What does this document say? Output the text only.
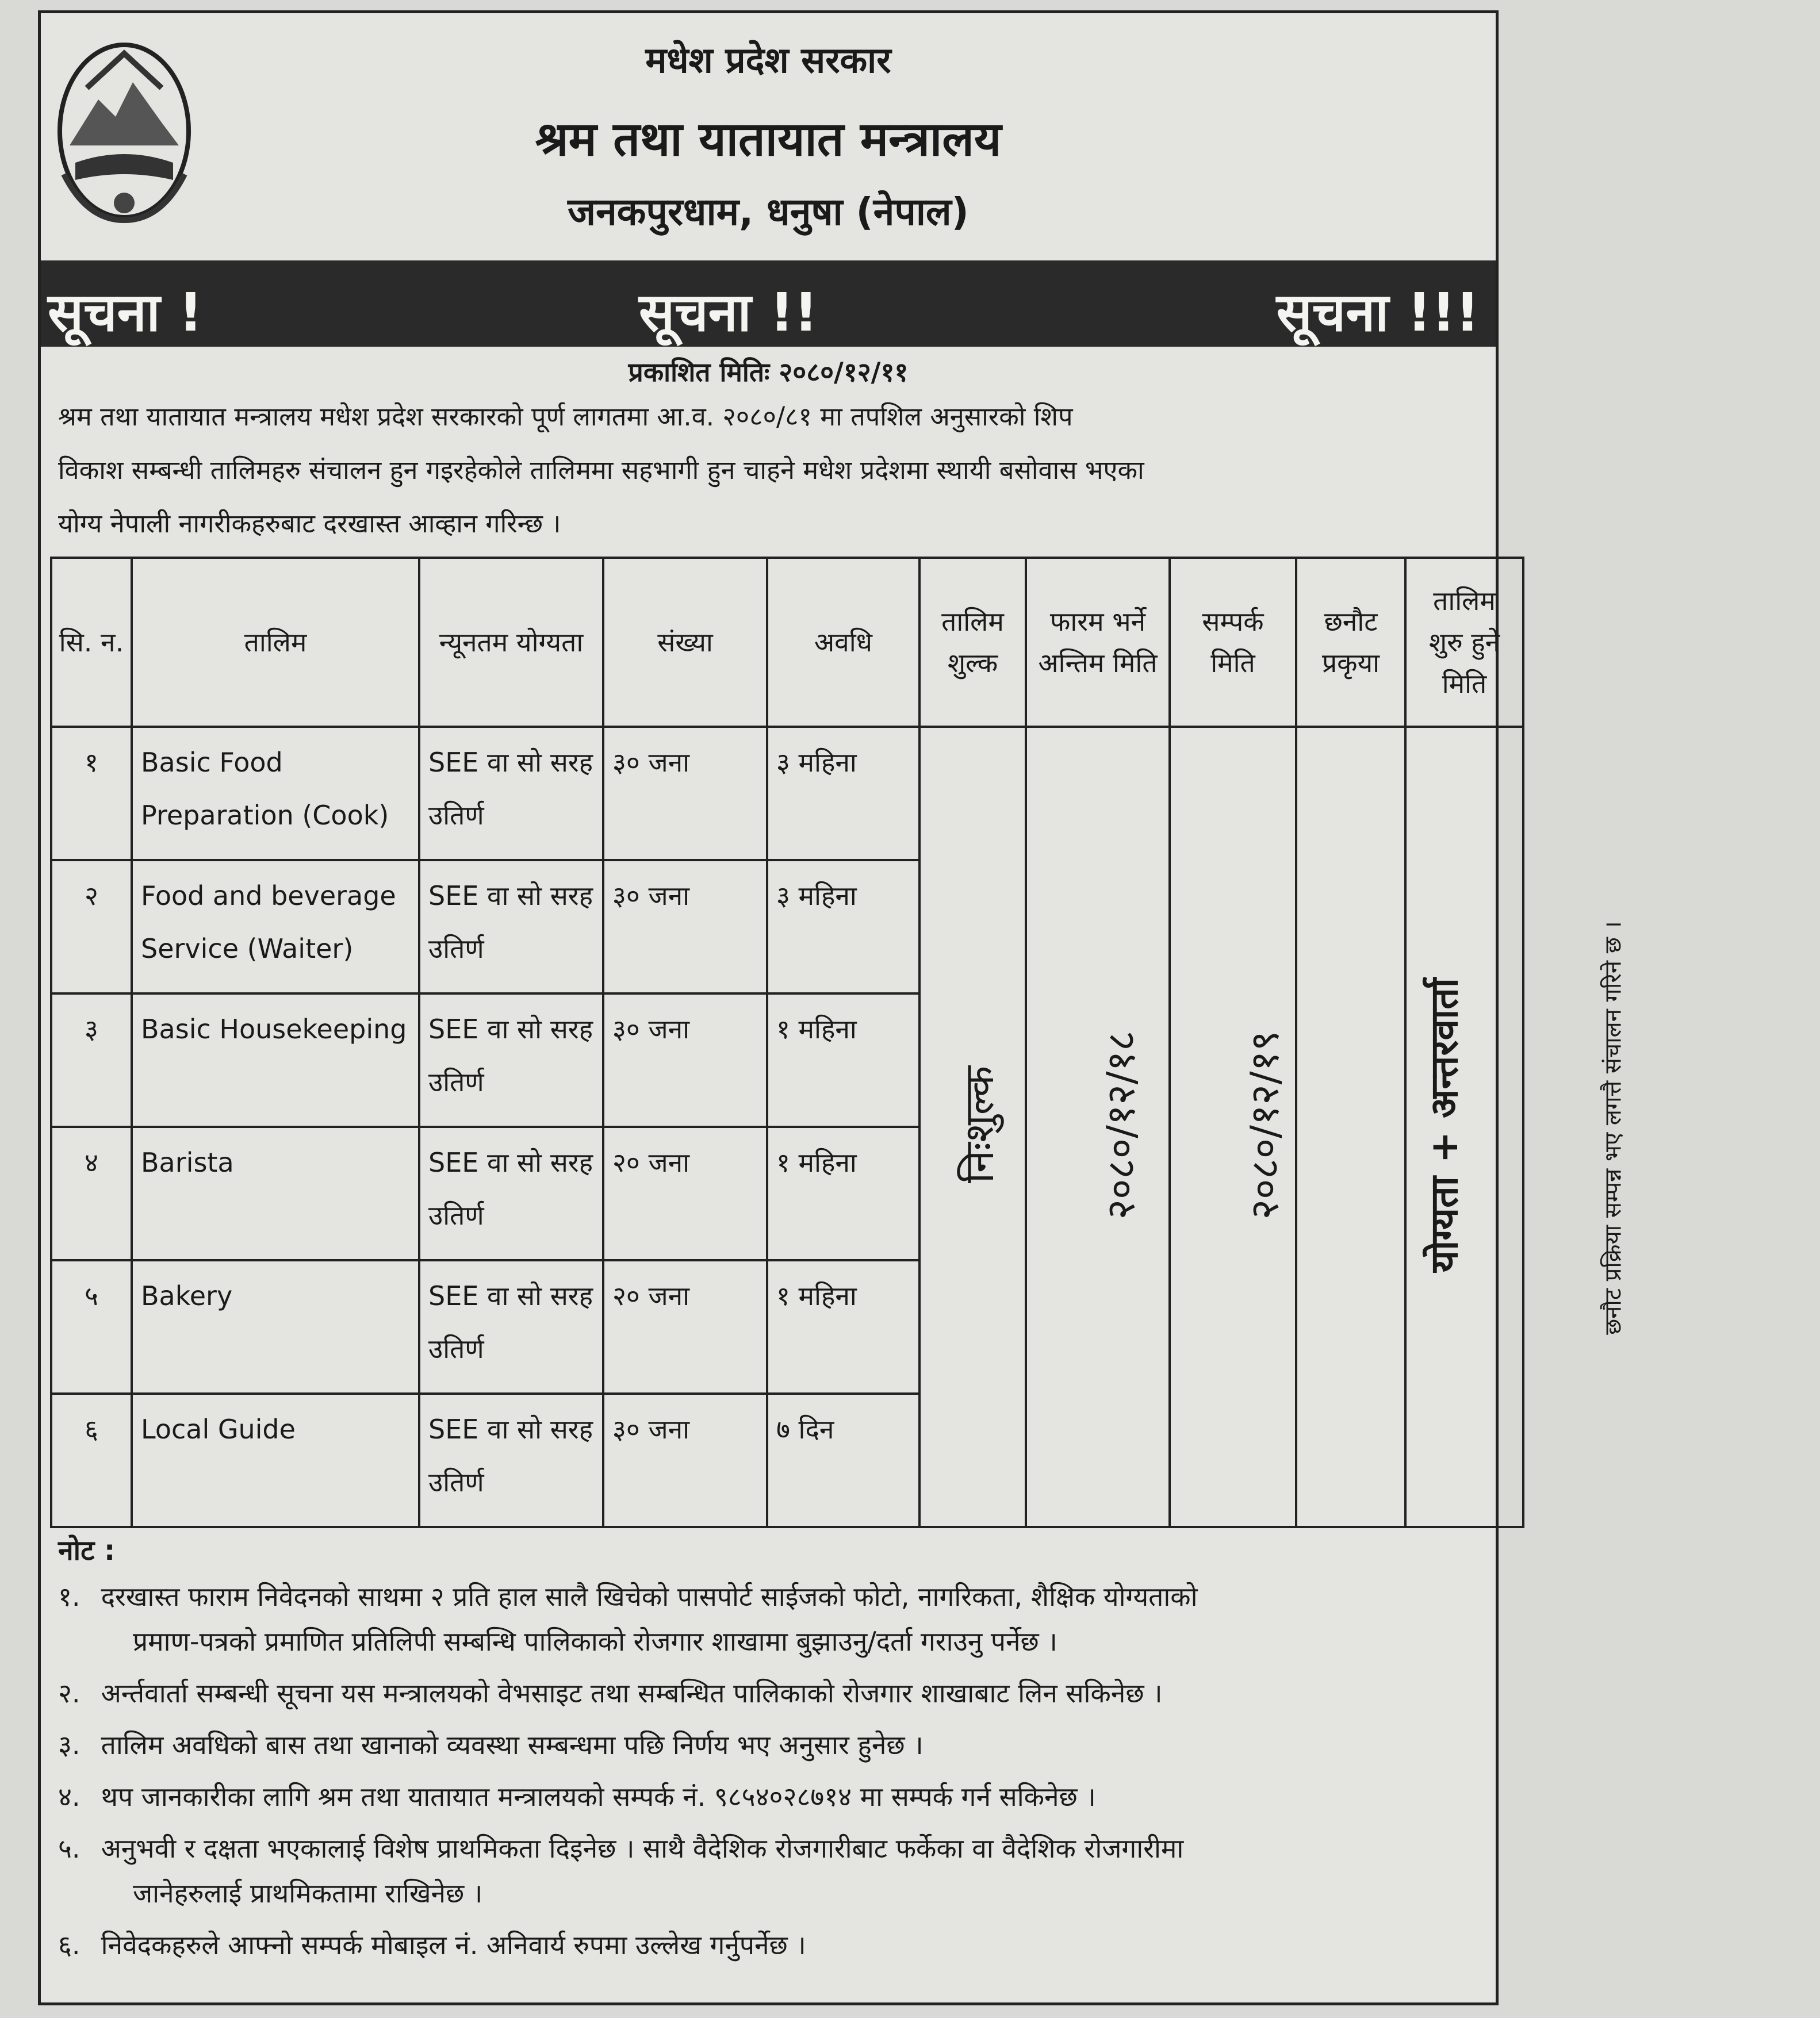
मधेश प्रदेश सरकार
श्रम तथा यातायात मन्त्रालय
जनकपुरधाम, धनुषा (नेपाल)
सूचना !	सूचना !!	सूचना !!!
प्रकाशित मितिः २०८०/१२/११
श्रम तथा यातायात मन्त्रालय मधेश प्रदेश सरकारको पूर्ण लागतमा आ.व. २०८०/८१ मा तपशिल अनुसारको शिप
विकाश सम्बन्धी तालिमहरु संचालन हुन गइरहेकोले तालिममा सहभागी हुन चाहने मधेश प्रदेशमा स्थायी बसोवास भएका
योग्य नेपाली नागरीकहरुबाट दरखास्त आव्हान गरिन्छ ।
सि. न.	तालिम	न्यूनतम योग्यता	संख्या	अवधि	तालिम शुल्क	फारम भर्ने अन्तिम मिति	सम्पर्क मिति	छनौट प्रकृया	तालिम शुरु हुने मिति
१	Basic Food Preparation (Cook)	SEE वा सो सरह उतिर्ण	३० जना	३ महिना	निःशुल्क	२०८०/१२/१८	२०८०/१२/१९	योग्यता + अन्तरवार्ता	छनौट प्रक्रिया सम्पन्न भए लगत्तै संचालन गरिने छ ।
२	Food and beverage Service (Waiter)	SEE वा सो सरह उतिर्ण	३० जना	३ महिना					
३	Basic Housekeeping	SEE वा सो सरह उतिर्ण	३० जना	१ महिना					
४	Barista	SEE वा सो सरह उतिर्ण	२० जना	१ महिना					
५	Bakery	SEE वा सो सरह उतिर्ण	२० जना	१ महिना					
६	Local Guide	SEE वा सो सरह उतिर्ण	३० जना	७ दिन					
नोट :
१. दरखास्त फाराम निवेदनको साथमा २ प्रति हाल सालै खिचेको पासपोर्ट साईजको फोटो, नागरिकता, शैक्षिक योग्यताको
प्रमाण-पत्रको प्रमाणित प्रतिलिपी सम्बन्धि पालिकाको रोजगार शाखामा बुझाउनु/दर्ता गराउनु पर्नेछ ।
२. अर्न्तवार्ता सम्बन्धी सूचना यस मन्त्रालयको वेभसाइट तथा सम्बन्धित पालिकाको रोजगार शाखाबाट लिन सकिनेछ ।
३. तालिम अवधिको बास तथा खानाको व्यवस्था सम्बन्धमा पछि निर्णय भए अनुसार हुनेछ ।
४. थप जानकारीका लागि श्रम तथा यातायात मन्त्रालयको सम्पर्क नं. ९८५४०२८७१४ मा सम्पर्क गर्न सकिनेछ ।
५. अनुभवी र दक्षता भएकालाई विशेष प्राथमिकता दिइनेछ । साथै वैदेशिक रोजगारीबाट फर्केका वा वैदेशिक रोजगारीमा
जानेहरुलाई प्राथमिकतामा राखिनेछ ।
६. निवेदकहरुले आफ्नो सम्पर्क मोबाइल नं. अनिवार्य रुपमा उल्लेख गर्नुपर्नेछ ।
